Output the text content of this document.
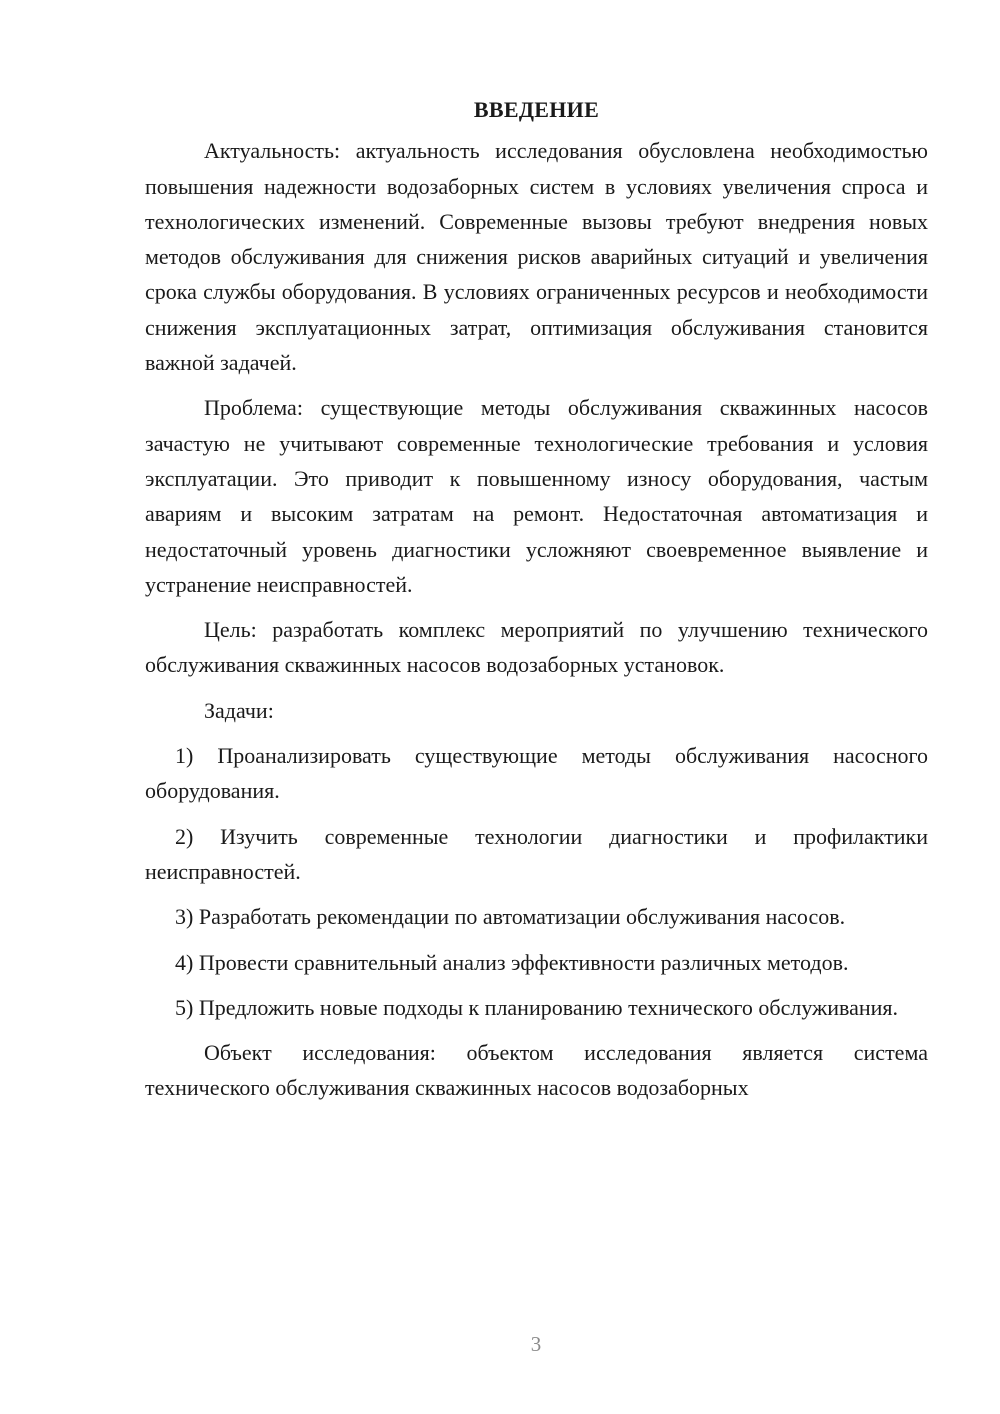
ВВЕДЕНИЕ

Актуальность: актуальность исследования обусловлена необходимостью повышения надежности водозаборных систем в условиях увеличения спроса и технологических изменений. Современные вызовы требуют внедрения новых методов обслуживания для снижения рисков аварийных ситуаций и увеличения срока службы оборудования. В условиях ограниченных ресурсов и необходимости снижения эксплуатационных затрат, оптимизация обслуживания становится важной задачей.

Проблема: существующие методы обслуживания скважинных насосов зачастую не учитывают современные технологические требования и условия эксплуатации. Это приводит к повышенному износу оборудования, частым авариям и высоким затратам на ремонт. Недостаточная автоматизация и недостаточный уровень диагностики усложняют своевременное выявление и устранение неисправностей.

Цель: разработать комплекс мероприятий по улучшению технического обслуживания скважинных насосов водозаборных установок.

Задачи:

1) Проанализировать существующие методы обслуживания насосного оборудования.

2) Изучить современные технологии диагностики и профилактики неисправностей.

3) Разработать рекомендации по автоматизации обслуживания насосов.

4) Провести сравнительный анализ эффективности различных методов.

5) Предложить новые подходы к планированию технического обслуживания.

Объект исследования: объектом исследования является система технического обслуживания скважинных насосов водозаборных

3
